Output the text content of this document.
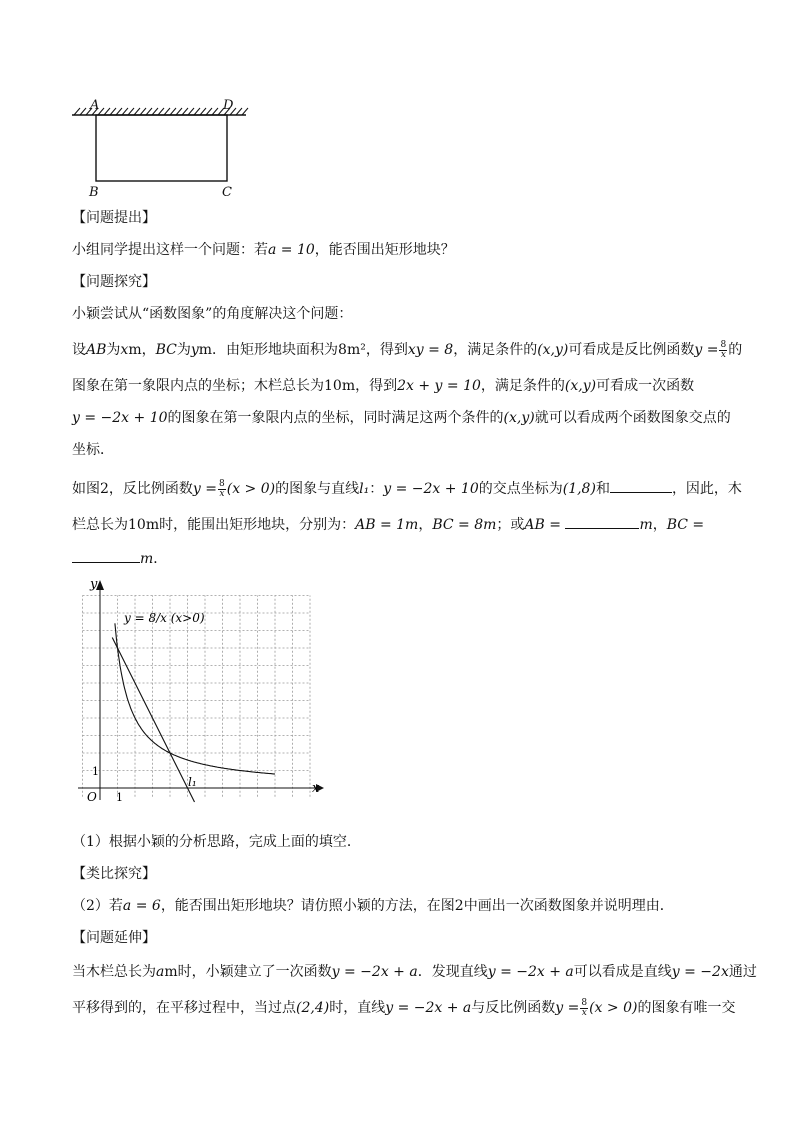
A	D
B	C
【问题提出】
小组同学提出这样一个问题：若a = 10，能否围出矩形地块？
【问题探究】
小颖尝试从“函数图象”的角度解决这个问题：
设AB为xm，BC为ym．由矩形地块面积为8m²，得到xy = 8，满足条件的(x,y)可看成是反比例函数$y = \frac{8}{x}$ 的
图象在第一象限内点的坐标；木栏总长为10m，得到2x + y = 10，满足条件的(x,y)可看成一次函数
y = −2x + 10的图象在第一象限内点的坐标，同时满足这两个条件的(x,y)就可以看成两个函数图象交点的
坐标．
如图2，反比例函数$y = \frac{8}{x} (x > 0)$的图象与直线l₁：y = −2x + 10的交点坐标为(1,8)和	，因此，木
栏总长为10m时，能围出矩形地块，分别为：AB = 1m，BC = 8m；或AB =	m，BC =
m．
y
x
O 1
1
y = 8/x (x>0)
l₁
（1）根据小颖的分析思路，完成上面的填空．
【类比探究】
（2）若a = 6，能否围出矩形地块？请仿照小颖的方法，在图2中画出一次函数图象并说明理由．
【问题延伸】
当木栏总长为am时，小颖建立了一次函数y = −2x + a．发现直线y = −2x + a可以看成是直线y = −2x通过
平移得到的，在平移过程中，当过点(2,4)时，直线y = −2x + a与反比例函数$y = \frac{8}{x} (x > 0)$的图象有唯一交
